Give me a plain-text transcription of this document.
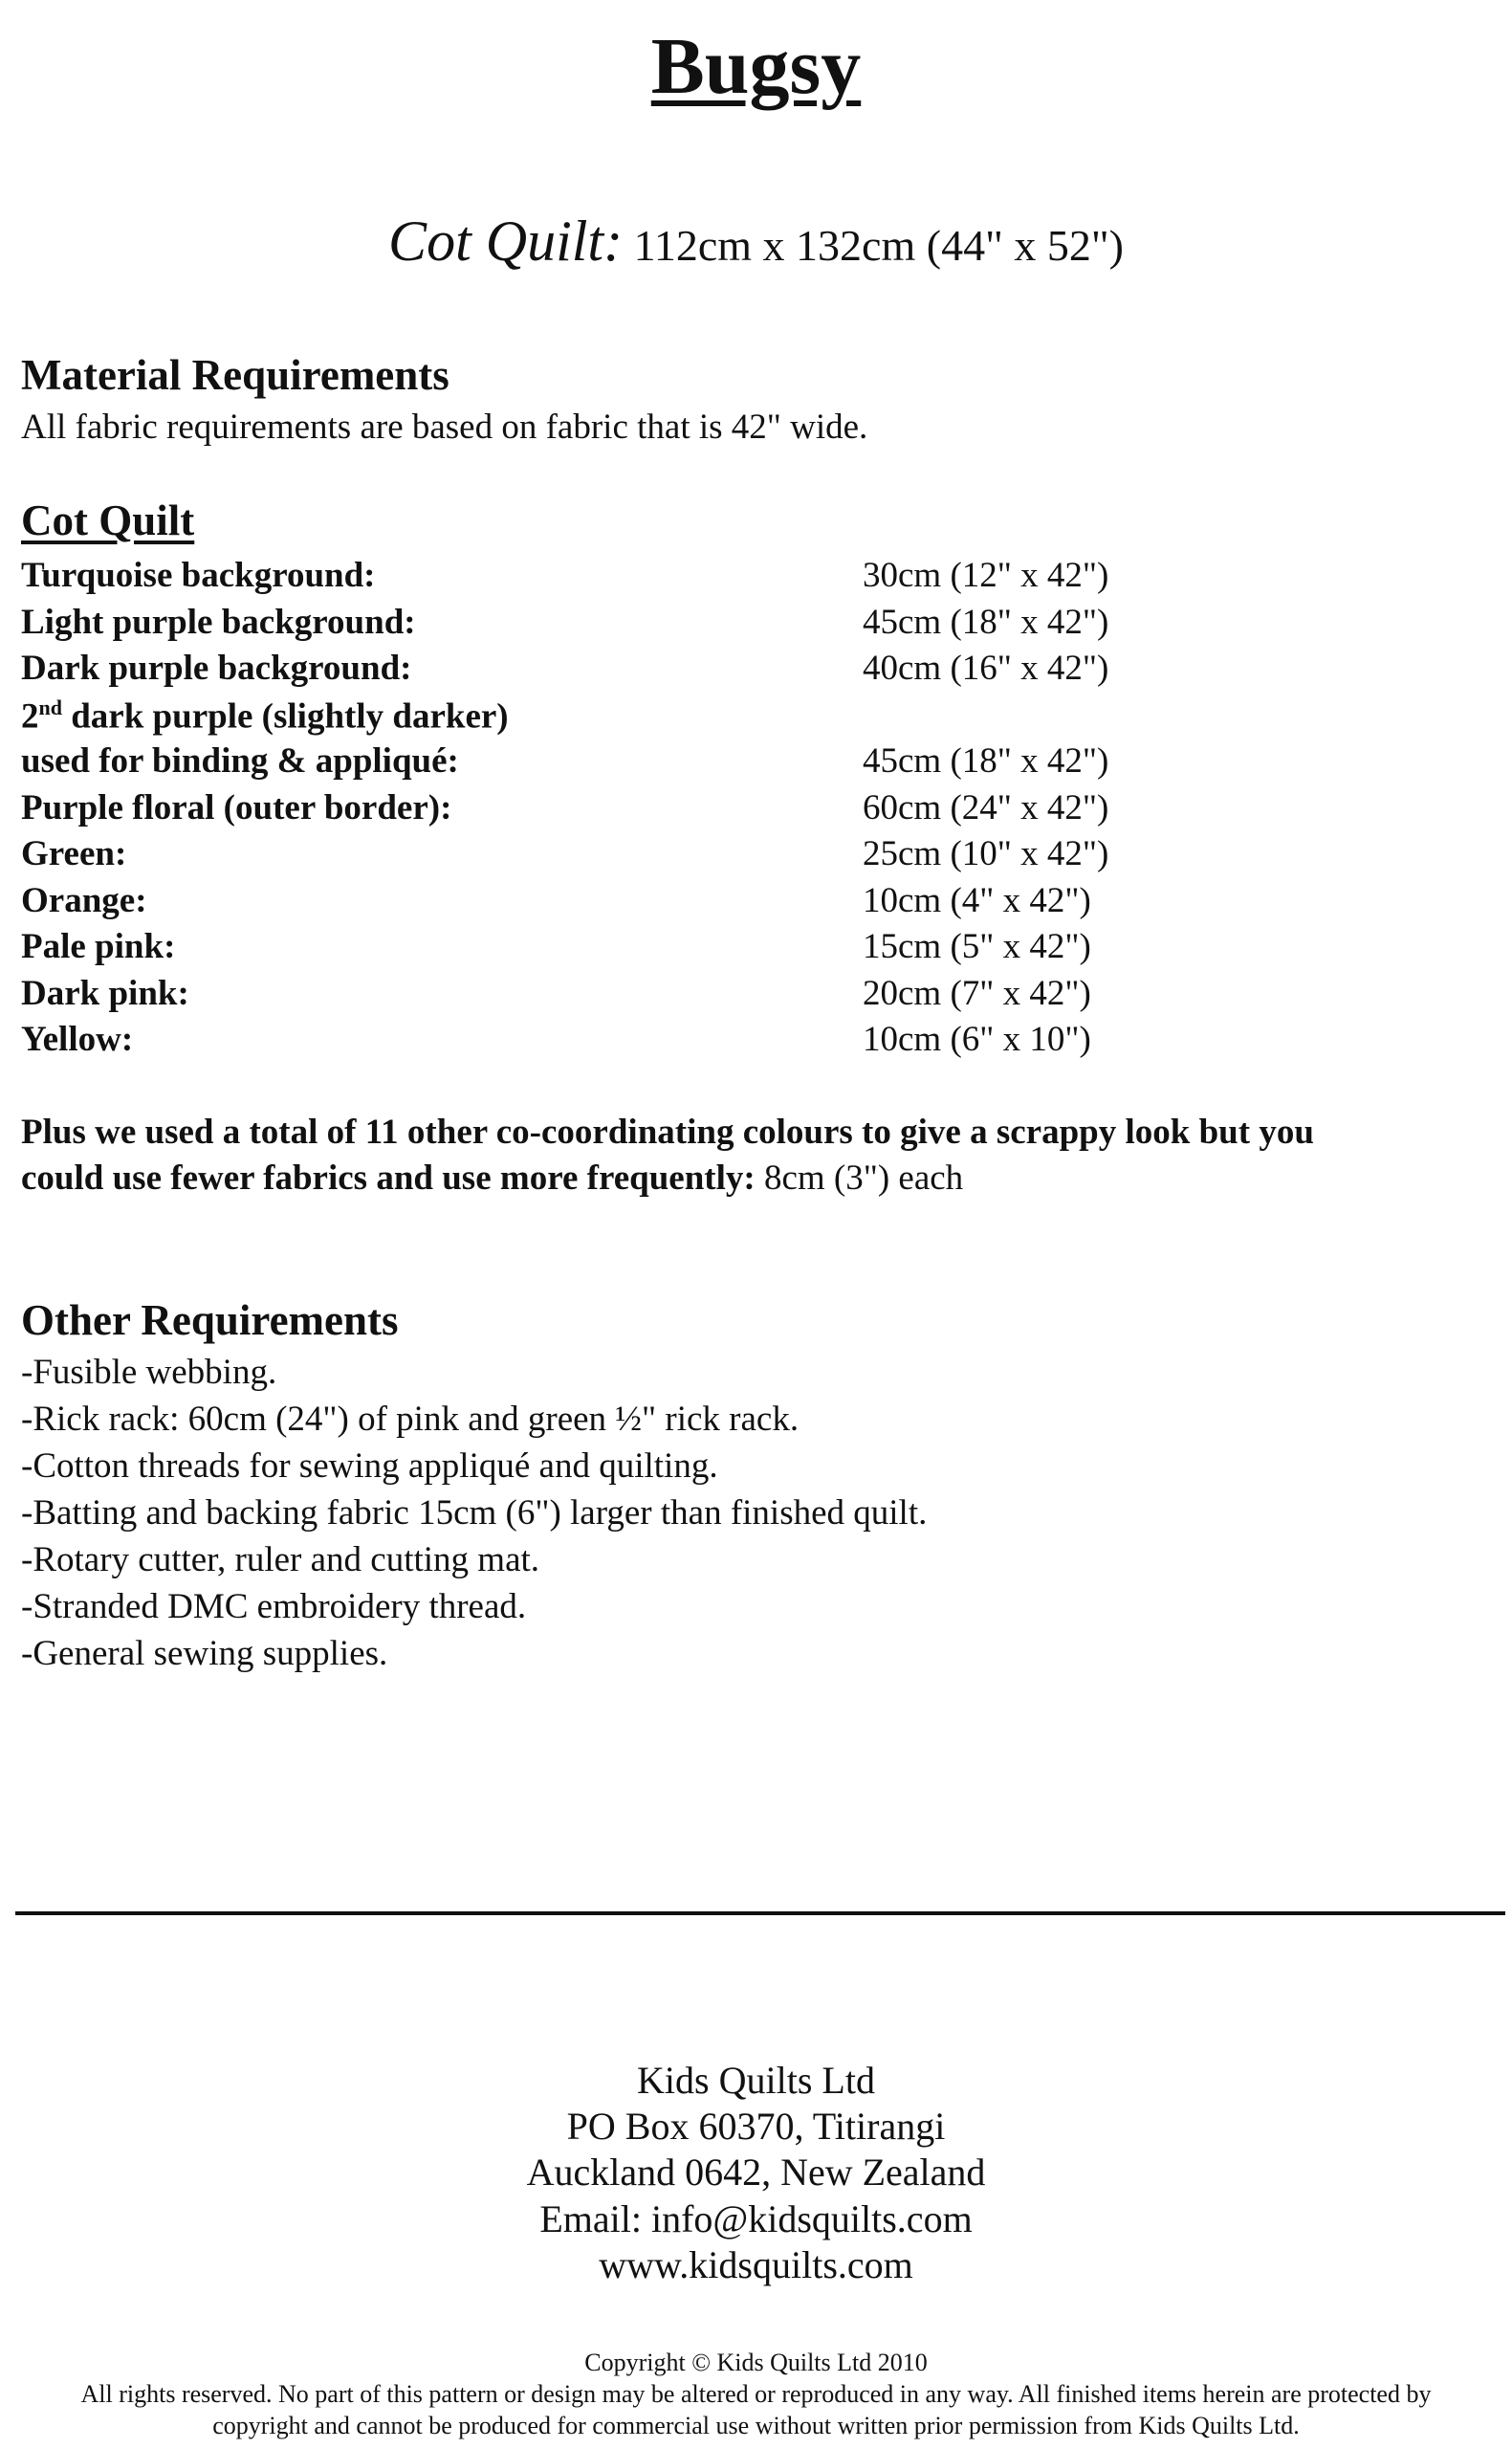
Bugsy
Cot Quilt: 112cm x 132cm (44" x 52")
Material Requirements
All fabric requirements are based on fabric that is 42" wide.
Cot Quilt
Turquoise background:	30cm (12" x 42")
Light purple background:	45cm (18" x 42")
Dark purple background:	40cm (16" x 42")
2nd dark purple (slightly darker)
used for binding & appliqué:	45cm (18" x 42")
Purple floral (outer border):	60cm (24" x 42")
Green:	25cm (10" x 42")
Orange:	10cm (4" x 42")
Pale pink:	15cm (5" x 42")
Dark pink:	20cm (7" x 42")
Yellow:	10cm (6" x 10")
Plus we used a total of 11 other co-coordinating colours to give a scrappy look but you
could use fewer fabrics and use more frequently: 8cm (3") each
Other Requirements
-Fusible webbing.
-Rick rack: 60cm (24") of pink and green ½" rick rack.
-Cotton threads for sewing appliqué and quilting.
-Batting and backing fabric 15cm (6") larger than finished quilt.
-Rotary cutter, ruler and cutting mat.
-Stranded DMC embroidery thread.
-General sewing supplies.
Kids Quilts Ltd
PO Box 60370, Titirangi
Auckland 0642, New Zealand
Email: info@kidsquilts.com
www.kidsquilts.com
Copyright © Kids Quilts Ltd 2010
All rights reserved. No part of this pattern or design may be altered or reproduced in any way. All finished items herein are protected by
copyright and cannot be produced for commercial use without written prior permission from Kids Quilts Ltd.
